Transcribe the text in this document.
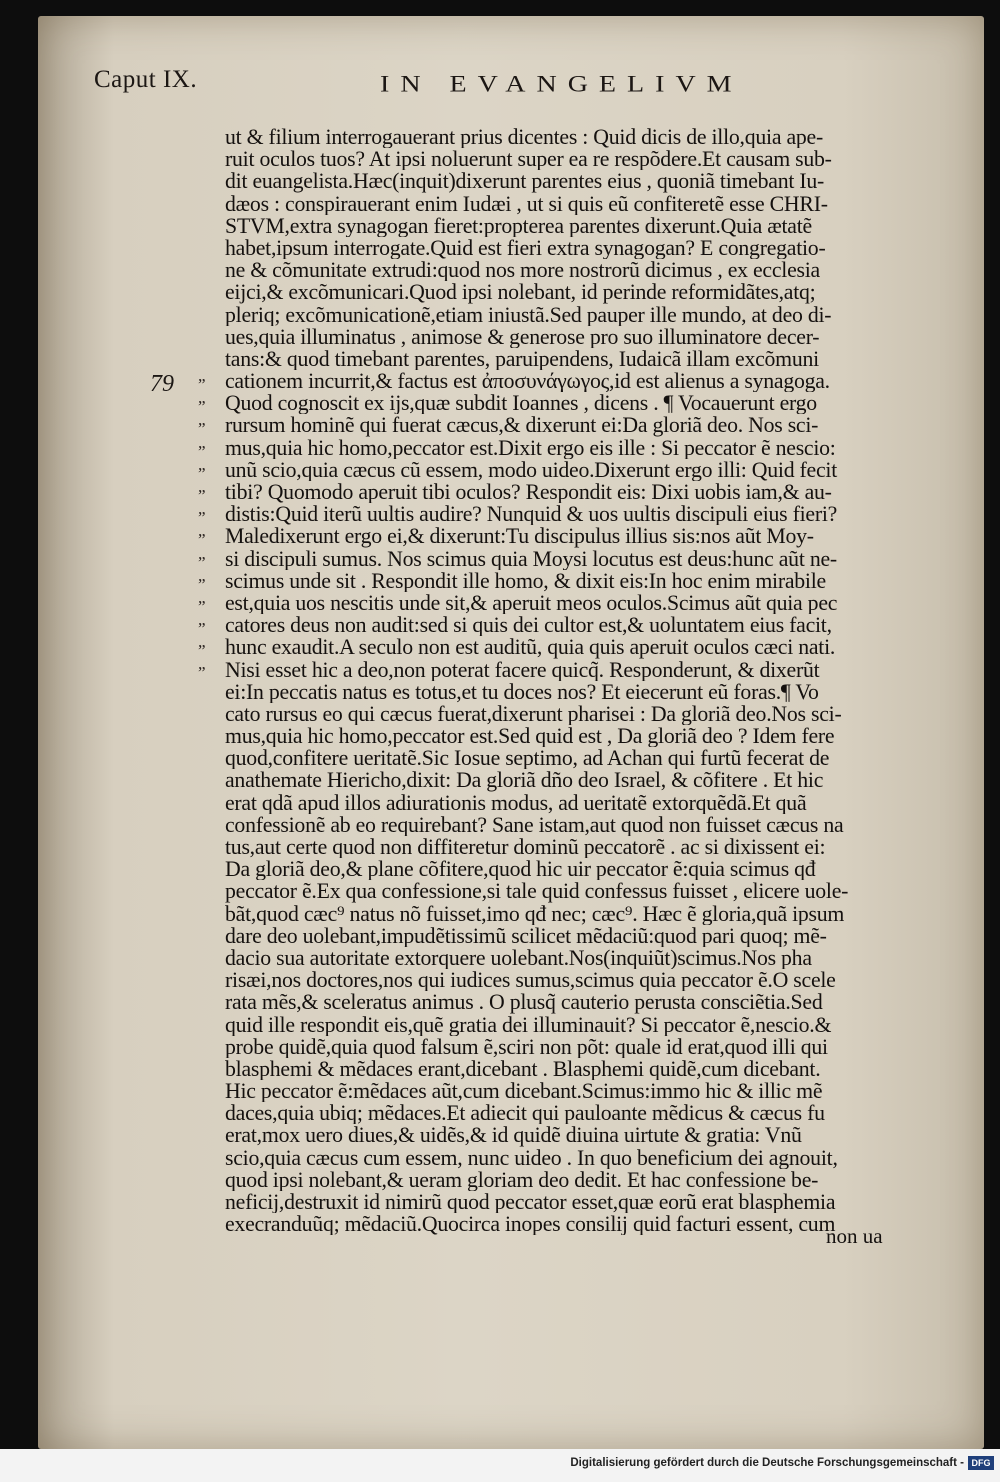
Caput IX.	IN EVANGELIVM
79 ”
”
”
”
”
”
”
”
”
”
”
”
”
”
ut & filium interrogauerant prius dicentes : Quid dicis de illo,quia ape-
ruit oculos tuos? At ipsi noluerunt super ea re respõdere.Et causam sub-
dit euangelista.Hæc(inquit)dixerunt parentes eius , quoniã timebant Iu-
dæos : conspirauerant enim Iudæi , ut si quis eũ confiteretẽ esse CHRI-
STVM,extra synagogan fieret:propterea parentes dixerunt.Quia ætatẽ
habet,ipsum interrogate.Quid est fieri extra synagogan? E congregatio-
ne & cõmunitate extrudi:quod nos more nostrorũ dicimus , ex ecclesia
eijci,& excõmunicari.Quod ipsi nolebant, id perinde reformidãtes,atq;
pleriq; excõmunicationẽ,etiam iniustã.Sed pauper ille mundo, at deo di-
ues,quia illuminatus , animose & generose pro suo illuminatore decer-
tans:& quod timebant parentes, paruipendens, Iudaicã illam excõmuni
cationem incurrit,& factus est ἀποσυνάγωγος,id est alienus a synagoga.
Quod cognoscit ex ijs,quæ subdit Ioannes , dicens . ¶ Vocauerunt ergo
rursum hominẽ qui fuerat cæcus,& dixerunt ei:Da gloriã deo. Nos sci-
mus,quia hic homo,peccator est.Dixit ergo eis ille : Si peccator ẽ nescio:
unũ scio,quia cæcus cũ essem, modo uideo.Dixerunt ergo illi: Quid fecit
tibi? Quomodo aperuit tibi oculos? Respondit eis: Dixi uobis iam,& au-
distis:Quid iterũ uultis audire? Nunquid & uos uultis discipuli eius fieri?
Maledixerunt ergo ei,& dixerunt:Tu discipulus illius sis:nos aũt Moy-
si discipuli sumus. Nos scimus quia Moysi locutus est deus:hunc aũt ne-
scimus unde sit . Respondit ille homo, & dixit eis:In hoc enim mirabile
est,quia uos nescitis unde sit,& aperuit meos oculos.Scimus aũt quia pec
catores deus non audit:sed si quis dei cultor est,& uoluntatem eius facit,
hunc exaudit.A seculo non est auditũ, quia quis aperuit oculos cæci nati.
Nisi esset hic a deo,non poterat facere quicq̃. Responderunt, & dixerũt
ei:In peccatis natus es totus,et tu doces nos? Et eiecerunt eũ foras.¶ Vo
cato rursus eo qui cæcus fuerat,dixerunt pharisei : Da gloriã deo.Nos sci-
mus,quia hic homo,peccator est.Sed quid est , Da gloriã deo ? Idem fere
quod,confitere ueritatẽ.Sic Iosue septimo, ad Achan qui furtũ fecerat de
anathemate Hiericho,dixit: Da gloriã dño deo Israel, & cõfitere . Et hic
erat qdã apud illos adiurationis modus, ad ueritatẽ extorquẽdã.Et quã
confessionẽ ab eo requirebant? Sane istam,aut quod non fuisset cæcus na
tus,aut certe quod non diffiteretur dominũ peccatorẽ . ac si dixissent ei:
Da gloriã deo,& plane cõfitere,quod hic uir peccator ẽ:quia scimus qđ
peccator ẽ.Ex qua confessione,si tale quid confessus fuisset , elicere uole-
bãt,quod cæc⁹ natus nõ fuisset,imo qđ nec; cæc⁹. Hæc ẽ gloria,quã ipsum
dare deo uolebant,impudẽtissimũ scilicet mẽdaciũ:quod pari quoq; mẽ-
dacio sua autoritate extorquere uolebant.Nos(inquiũt)scimus.Nos pha
risæi,nos doctores,nos qui iudices sumus,scimus quia peccator ẽ.O scele
rata mẽs,& sceleratus animus . O plusq̃ cauterio perusta consciẽtia.Sed
quid ille respondit eis,quẽ gratia dei illuminauit? Si peccator ẽ,nescio.&
probe quidẽ,quia quod falsum ẽ,sciri non põt: quale id erat,quod illi qui
blasphemi & mẽdaces erant,dicebant . Blasphemi quidẽ,cum dicebant.
Hic peccator ẽ:mẽdaces aũt,cum dicebant.Scimus:immo hic & illic mẽ
daces,quia ubiq; mẽdaces.Et adiecit qui pauloante mẽdicus & cæcus fu
erat,mox uero diues,& uidẽs,& id quidẽ diuina uirtute & gratia: Vnũ
scio,quia cæcus cum essem, nunc uideo . In quo beneficium dei agnouit,
quod ipsi nolebant,& ueram gloriam deo dedit. Et hac confessione be-
neficij,destruxit id nimirũ quod peccator esset,quæ eorũ erat blasphemia
execranduũq; mẽdaciũ.Quocirca inopes consilij quid facturi essent, cum
non ua
Digitalisierung gefördert durch die Deutsche Forschungsgemeinschaft - DFG
